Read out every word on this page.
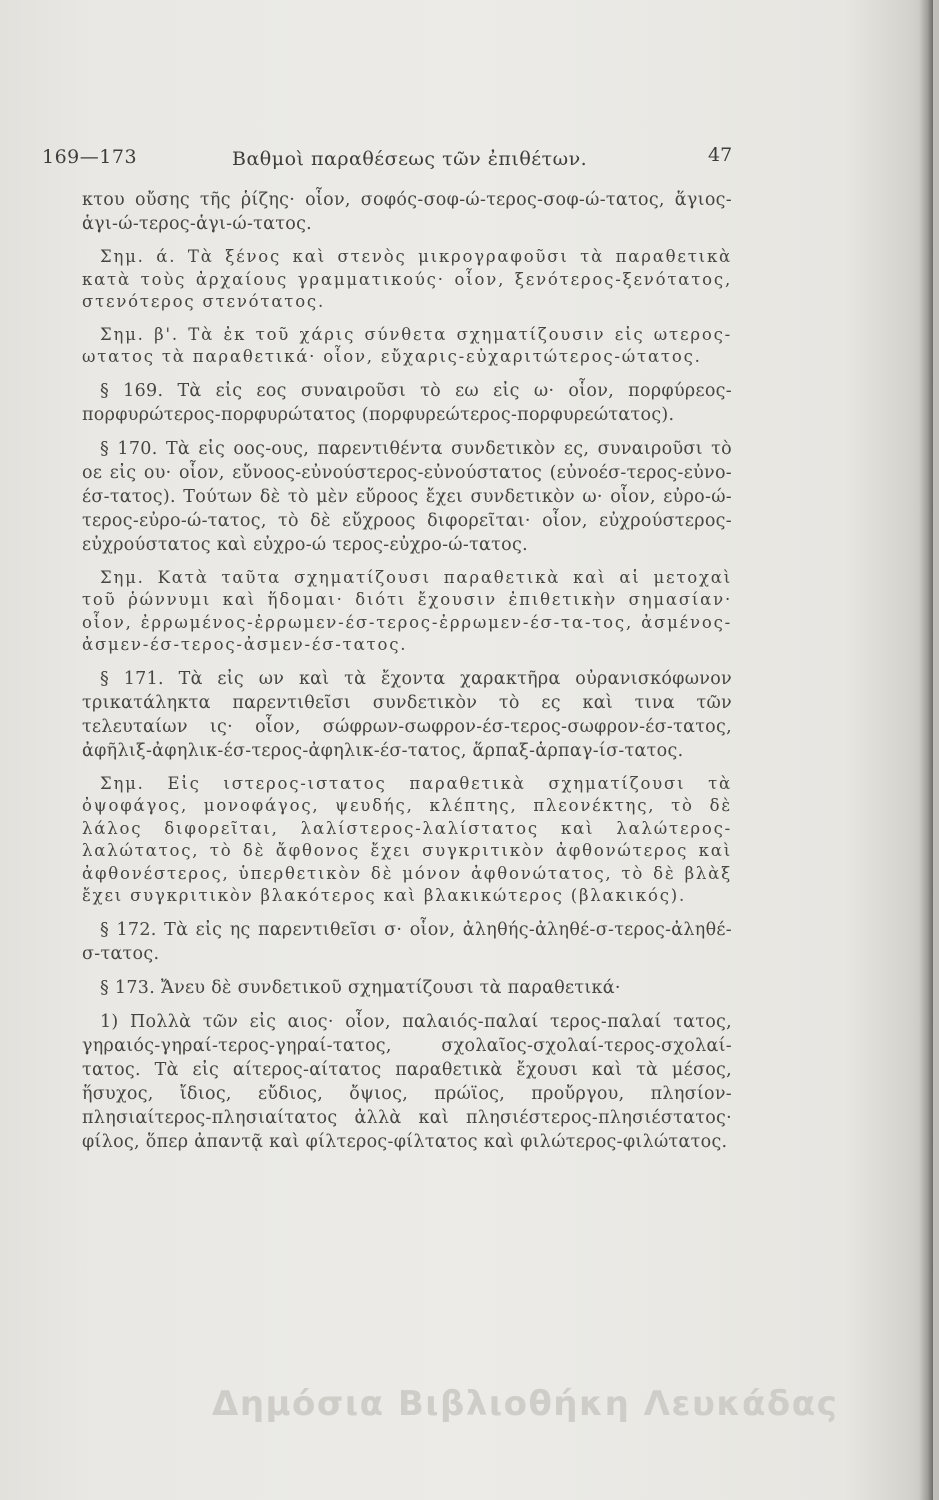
169—173	Βαθμοὶ παραθέσεως τῶν ἐπιθέτων.	47

κτου οὔσης τῆς ῥίζης· οἷον, σοφός-σοφ-ώ-τερος-σοφ-ώ-τατος, ἅγιος-ἁγι-ώ-τερος-ἁγι-ώ-τατος.

Σημ. ά. Τὰ ξένος καὶ στενὸς μικρογραφοῦσι τὰ παραθετικὰ κατὰ τοὺς ἀρχαίους γραμματικούς· οἷον, ξενότερος-ξενότατος, στενότερος στενότατος.

Σημ. β'. Τὰ ἐκ τοῦ χάρις σύνθετα σχηματίζουσιν εἰς ωτερος-ωτατος τὰ παραθετικά· οἷον, εὔχαρις-εὐχαριτώτερος-ώτατος.

§ 169. Τὰ εἰς εος συναιροῦσι τὸ εω εἰς ω· οἷον, πορφύρεος-πορφυρώτερος-πορφυρώτατος (πορφυρεώτερος-πορφυρεώτατος).

§ 170. Τὰ εἰς οος-ους, παρεντιθέντα συνδετικὸν ες, συναιροῦσι τὸ οε εἰς ου· οἷον, εὔνοος-εὐνούστερος-εὐνούστατος (εὐνοέσ-τερος-εὐνο-έσ-τατος). Τούτων δὲ τὸ μὲν εὔροος ἔχει συνδετικὸν ω· οἷον, εὐρο-ώ-τερος-εὐρο-ώ-τατος, τὸ δὲ εὔχροος διφορεῖται· οἷον, εὐχρούστερος-εὐχρούστατος καὶ εὐχρο-ώ τερος-εὐχρο-ώ-τατος.

Σημ. Κατὰ ταῦτα σχηματίζουσι παραθετικὰ καὶ αἱ μετοχαὶ τοῦ ῥώννυμι καὶ ἥδομαι· διότι ἔχουσιν ἐπιθετικὴν σημασίαν· οἷον, ἐρρωμένος-ἐρρωμεν-έσ-τερος-ἐρρωμεν-έσ-τα-τος, ἀσμένος-ἀσμεν-έσ-τερος-ἀσμεν-έσ-τατος.

§ 171. Τὰ εἰς ων καὶ τὰ ἔχοντα χαρακτῆρα οὐρανισκόφωνον τρικατάληκτα παρεντιθεῖσι συνδετικὸν τὸ ες καὶ τινα τῶν τελευταίων ις· οἷον, σώφρων-σωφρον-έσ-τερος-σωφρον-έσ-τατος, ἀφῆλιξ-ἀφηλικ-έσ-τερος-ἀφηλικ-έσ-τατος, ἅρπαξ-ἁρπαγ-ίσ-τατος.

Σημ. Εἰς ιστερος-ιστατος παραθετικὰ σχηματίζουσι τὰ ὀψοφάγος, μονοφάγος, ψευδής, κλέπτης, πλεονέκτης, τὸ δὲ λάλος διφορεῖται, λαλίστερος-λαλίστατος καὶ λαλώτερος-λαλώτατος, τὸ δὲ ἄφθονος ἔχει συγκριτικὸν ἀφθονώτερος καὶ ἀφθονέστερος, ὑπερθετικὸν δὲ μόνον ἀφθονώτατος, τὸ δὲ βλὰξ ἔχει συγκριτικὸν βλακότερος καὶ βλακικώτερος (βλακικός).

§ 172. Τὰ εἰς ης παρεντιθεῖσι σ· οἷον, ἀληθής-ἀληθέ-σ-τερος-ἀληθέ-σ-τατος.

§ 173. Ἄνευ δὲ συνδετικοῦ σχηματίζουσι τὰ παραθετικά·

1) Πολλὰ τῶν εἰς αιος· οἷον, παλαιός-παλαί τερος-παλαί τατος, γηραιός-γηραί-τερος-γηραί-τατος, σχολαῖος-σχολαί-τερος-σχολαί-τατος. Τὰ εἰς αίτερος-αίτατος παραθετικὰ ἔχουσι καὶ τὰ μέσος, ἥσυχος, ἴδιος, εὔδιος, ὄψιος, πρώϊος, προὔργου, πλησίον-πλησιαίτερος-πλησιαίτατος ἀλλὰ καὶ πλησιέστερος-πλησιέστατος· φίλος, ὅπερ ἀπαντᾷ καὶ φίλτερος-φίλτατος καὶ φιλώτερος-φιλώτατος.

Δημόσια Βιβλιοθήκη Λευκάδας
